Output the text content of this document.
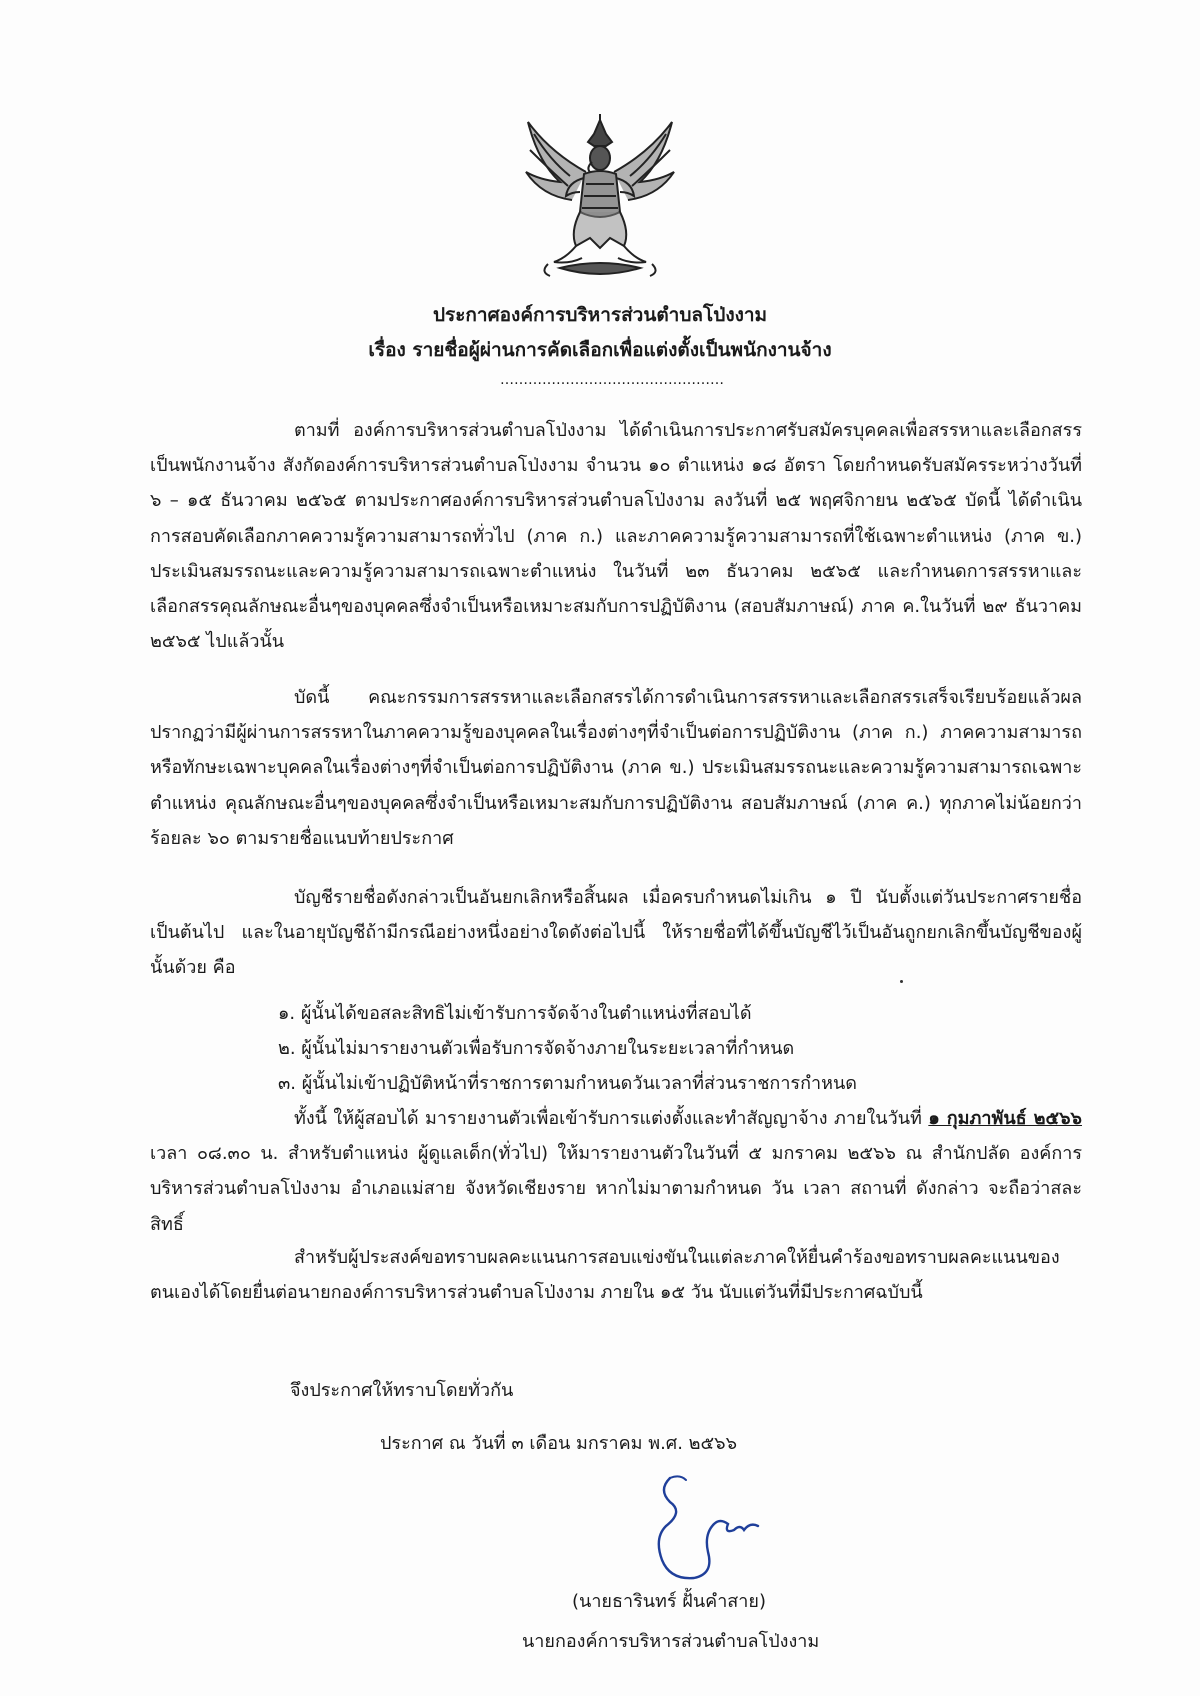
ประกาศองค์การบริหารส่วนตำบลโป่งงาม
เรื่อง รายชื่อผู้ผ่านการคัดเลือกเพื่อแต่งตั้งเป็นพนักงานจ้าง
…………………………………………
ตามที่ องค์การบริหารส่วนตำบลโป่งงาม ได้ดำเนินการประกาศรับสมัครบุคคลเพื่อสรรหาและเลือกสรรเป็นพนักงานจ้าง สังกัดองค์การบริหารส่วนตำบลโป่งงาม จำนวน ๑๐ ตำแหน่ง ๑๘ อัตรา โดยกำหนดรับสมัครระหว่างวันที่ ๖ – ๑๕ ธันวาคม ๒๕๖๕ ตามประกาศองค์การบริหารส่วนตำบลโป่งงาม ลงวันที่ ๒๕ พฤศจิกายน ๒๕๖๕ บัดนี้ ได้ดำเนินการสอบคัดเลือกภาคความรู้ความสามารถทั่วไป (ภาค ก.) และภาคความรู้ความสามารถที่ใช้เฉพาะตำแหน่ง (ภาค ข.) ประเมินสมรรถนะและความรู้ความสามารถเฉพาะตำแหน่ง ในวันที่ ๒๓ ธันวาคม ๒๕๖๕ และกำหนดการสรรหาและเลือกสรรคุณลักษณะอื่นๆของบุคคลซึ่งจำเป็นหรือเหมาะสมกับการปฏิบัติงาน (สอบสัมภาษณ์) ภาค ค.ในวันที่ ๒๙ ธันวาคม ๒๕๖๕ ไปแล้วนั้น
บัดนี้ คณะกรรมการสรรหาและเลือกสรรได้การดำเนินการสรรหาและเลือกสรรเสร็จเรียบร้อยแล้วผลปรากฏว่ามีผู้ผ่านการสรรหาในภาคความรู้ของบุคคลในเรื่องต่างๆที่จำเป็นต่อการปฏิบัติงาน (ภาค ก.) ภาคความสามารถหรือทักษะเฉพาะบุคคลในเรื่องต่างๆที่จำเป็นต่อการปฏิบัติงาน (ภาค ข.) ประเมินสมรรถนะและความรู้ความสามารถเฉพาะตำแหน่ง คุณลักษณะอื่นๆของบุคคลซึ่งจำเป็นหรือเหมาะสมกับการปฏิบัติงาน สอบสัมภาษณ์ (ภาค ค.) ทุกภาคไม่น้อยกว่าร้อยละ ๖๐ ตามรายชื่อแนบท้ายประกาศ
บัญชีรายชื่อดังกล่าวเป็นอันยกเลิกหรือสิ้นผล เมื่อครบกำหนดไม่เกิน ๑ ปี นับตั้งแต่วันประกาศรายชื่อเป็นต้นไป และในอายุบัญชีถ้ามีกรณีอย่างหนึ่งอย่างใดดังต่อไปนี้ ให้รายชื่อที่ได้ขึ้นบัญชีไว้เป็นอันถูกยกเลิกขึ้นบัญชีของผู้นั้นด้วย คือ
๑. ผู้นั้นได้ขอสละสิทธิไม่เข้ารับการจัดจ้างในตำแหน่งที่สอบได้
๒. ผู้นั้นไม่มารายงานตัวเพื่อรับการจัดจ้างภายในระยะเวลาที่กำหนด
๓. ผู้นั้นไม่เข้าปฏิบัติหน้าที่ราชการตามกำหนดวันเวลาที่ส่วนราชการกำหนด
ทั้งนี้ ให้ผู้สอบได้ มารายงานตัวเพื่อเข้ารับการแต่งตั้งและทำสัญญาจ้าง ภายในวันที่ ๑ กุมภาพันธ์ ๒๕๖๖ เวลา ๐๘.๓๐ น. สำหรับตำแหน่ง ผู้ดูแลเด็ก(ทั่วไป) ให้มารายงานตัวในวันที่ ๕ มกราคม ๒๕๖๖ ณ สำนักปลัด องค์การบริหารส่วนตำบลโป่งงาม อำเภอแม่สาย จังหวัดเชียงราย หากไม่มาตามกำหนด วัน เวลา สถานที่ ดังกล่าว จะถือว่าสละสิทธิ์
สำหรับผู้ประสงค์ขอทราบผลคะแนนการสอบแข่งขันในแต่ละภาคให้ยื่นคำร้องขอทราบผลคะแนนของตนเองได้โดยยื่นต่อนายกองค์การบริหารส่วนตำบลโป่งงาม ภายใน ๑๕ วัน นับแต่วันที่มีประกาศฉบับนี้
จึงประกาศให้ทราบโดยทั่วกัน
ประกาศ ณ วันที่ ๓ เดือน มกราคม พ.ศ. ๒๕๖๖
(นายธารินทร์ ฝั้นคำสาย)
นายกองค์การบริหารส่วนตำบลโป่งงาม
